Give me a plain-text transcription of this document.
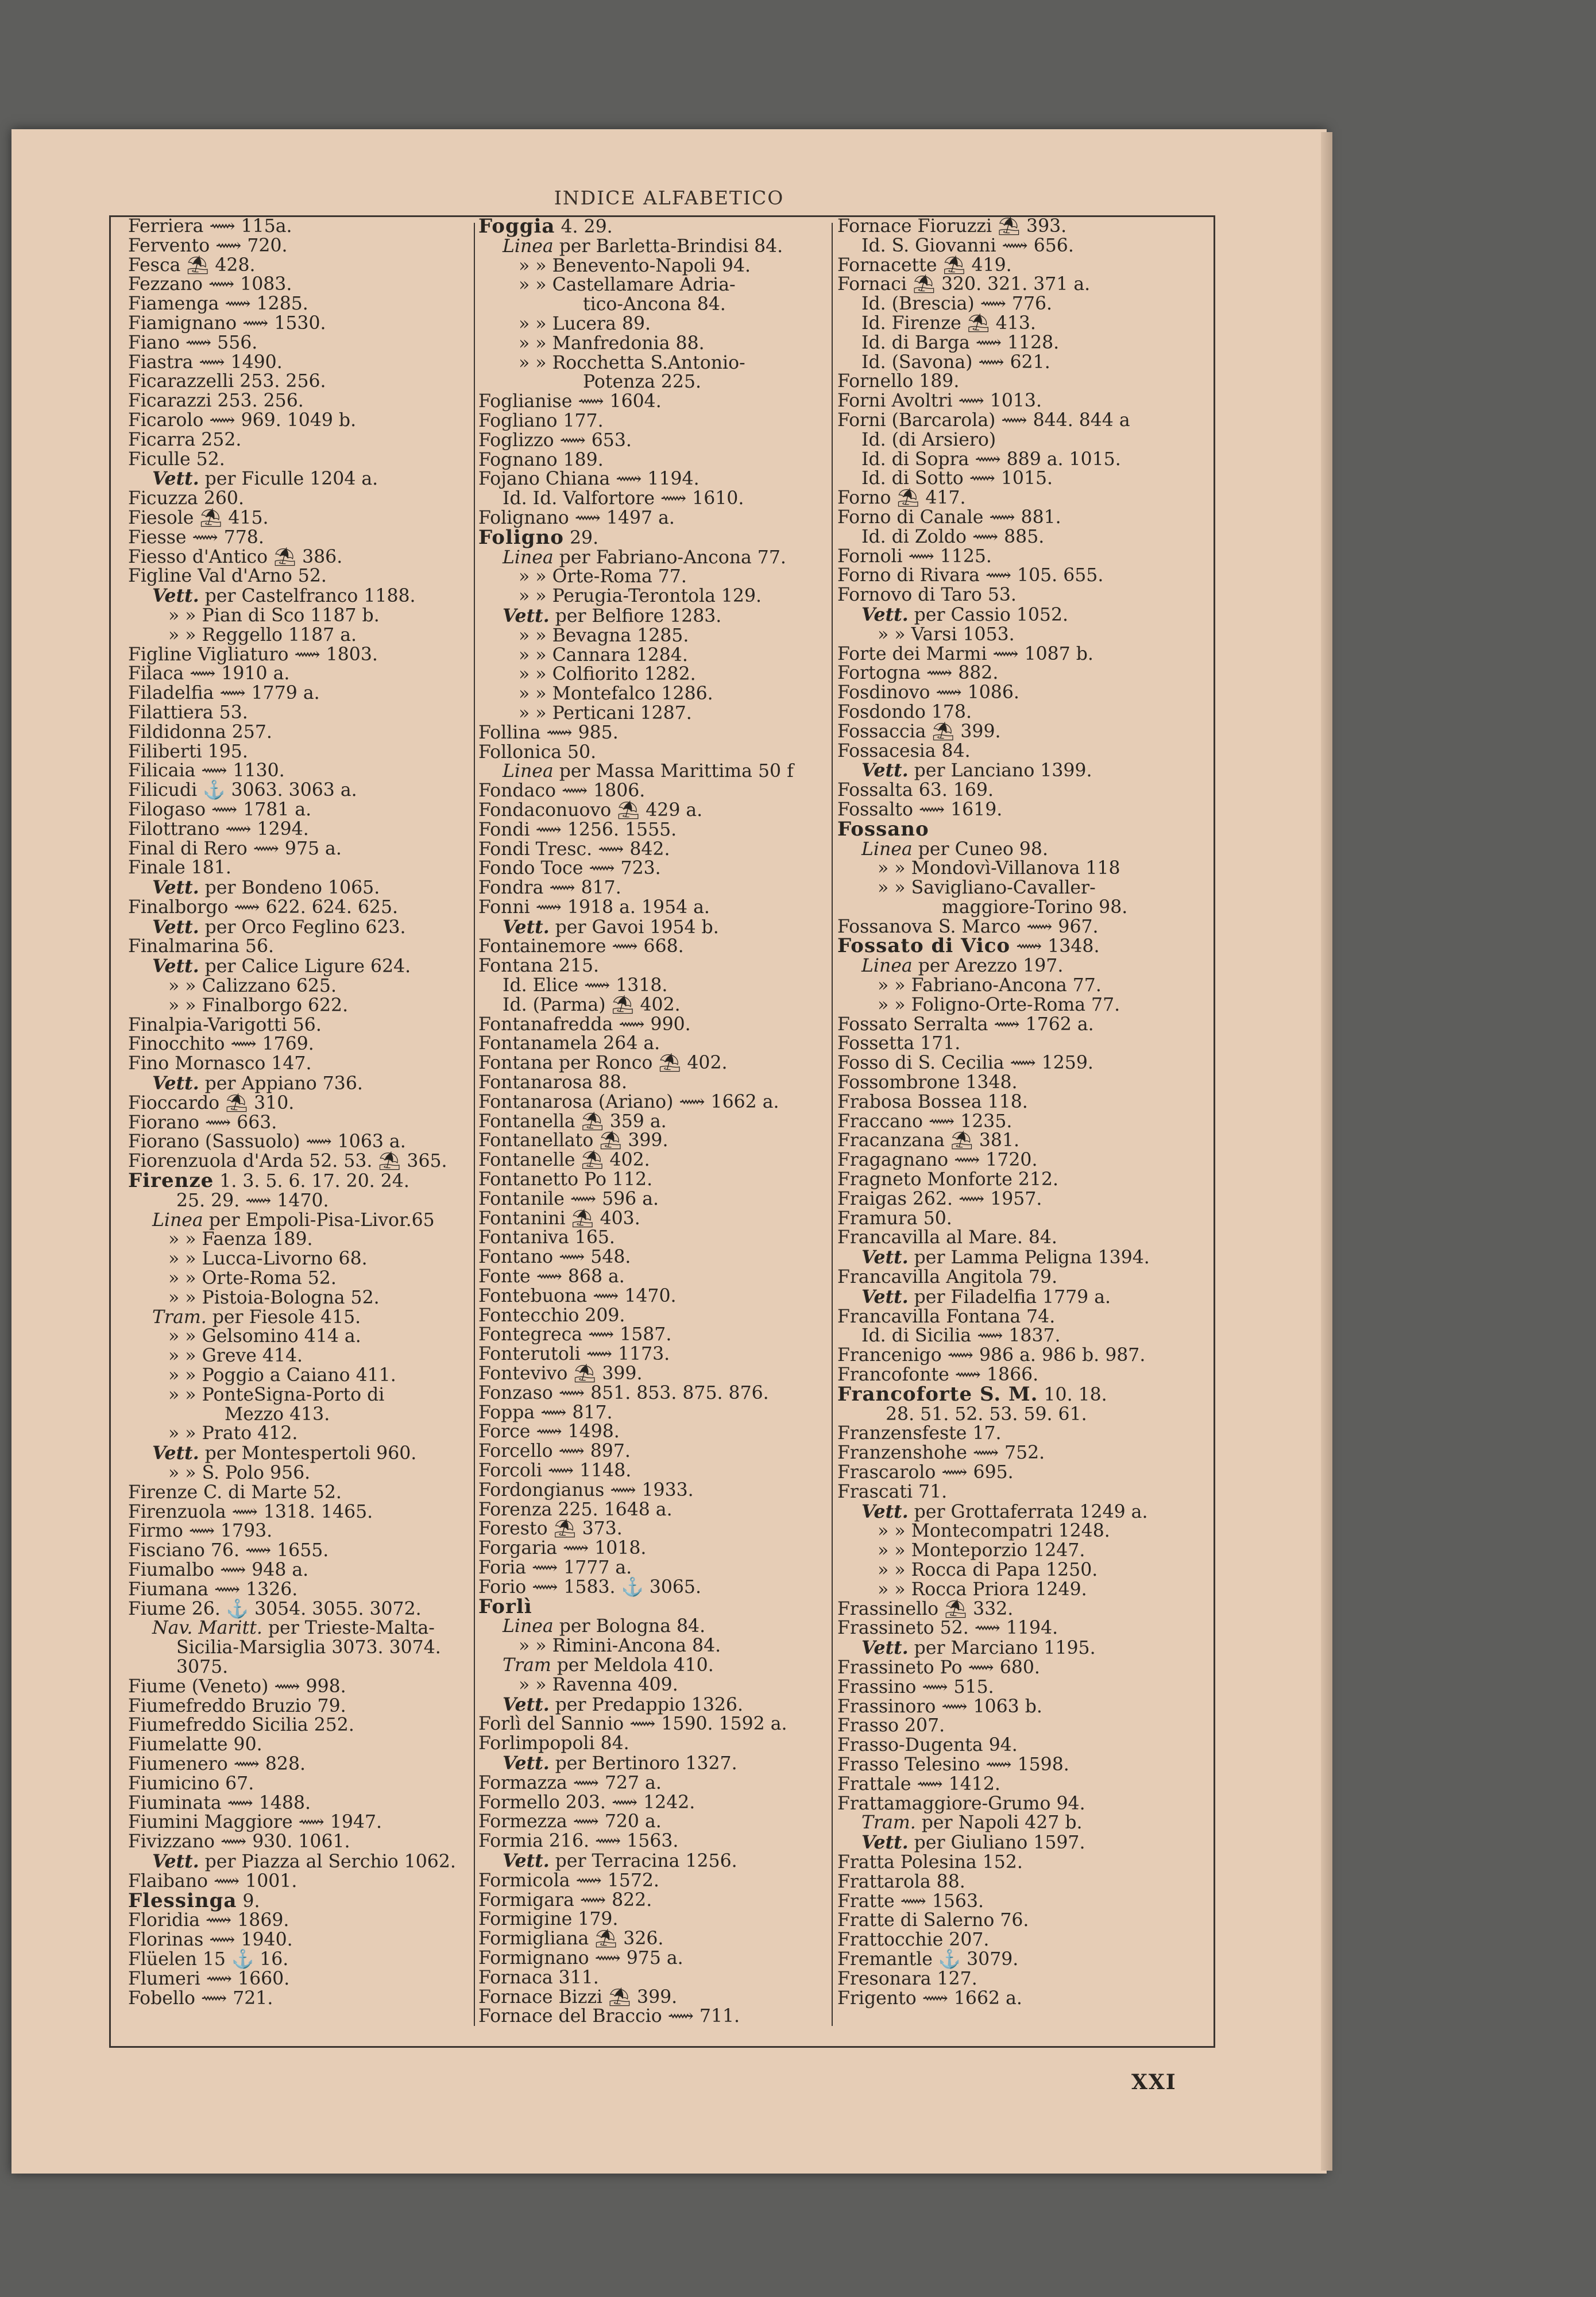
INDICE ALFABETICO
Ferriera ⟿ 115a.
Fervento ⟿ 720.
Fesca ⛱ 428.
Fezzano ⟿ 1083.
Fiamenga ⟿ 1285.
Fiamignano ⟿ 1530.
Fiano ⟿ 556.
Fiastra ⟿ 1490.
Ficarazzelli 253. 256.
Ficarazzi 253. 256.
Ficarolo ⟿ 969. 1049 b.
Ficarra 252.
Ficulle 52.
Vett. per Ficulle 1204 a.
Ficuzza 260.
Fiesole ⛱ 415.
Fiesse ⟿ 778.
Fiesso d'Antico ⛱ 386.
Figline Val d'Arno 52.
Vett. per Castelfranco 1188.
» » Pian di Sco 1187 b.
» » Reggello 1187 a.
Figline Vigliaturo ⟿ 1803.
Filaca ⟿ 1910 a.
Filadelfia ⟿ 1779 a.
Filattiera 53.
Fildidonna 257.
Filiberti 195.
Filicaia ⟿ 1130.
Filicudi ⚓ 3063. 3063 a.
Filogaso ⟿ 1781 a.
Filottrano ⟿ 1294.
Final di Rero ⟿ 975 a.
Finale 181.
Vett. per Bondeno 1065.
Finalborgo ⟿ 622. 624. 625.
Vett. per Orco Feglino 623.
Finalmarina 56.
Vett. per Calice Ligure 624.
» » Calizzano 625.
» » Finalborgo 622.
Finalpia-Varigotti 56.
Finocchito ⟿ 1769.
Fino Mornasco 147.
Vett. per Appiano 736.
Fioccardo ⛱ 310.
Fiorano ⟿ 663.
Fiorano (Sassuolo) ⟿ 1063 a.
Fiorenzuola d'Arda 52. 53. ⛱ 365.
Firenze 1. 3. 5. 6. 17. 20. 24.
25. 29. ⟿ 1470.
Linea per Empoli-Pisa-Livor.65
» » Faenza 189.
» » Lucca-Livorno 68.
» » Orte-Roma 52.
» » Pistoia-Bologna 52.
Tram. per Fiesole 415.
» » Gelsomino 414 a.
» » Greve 414.
» » Poggio a Caiano 411.
» » PonteSigna-Porto di
Mezzo 413.
» » Prato 412.
Vett. per Montespertoli 960.
» » S. Polo 956.
Firenze C. di Marte 52.
Firenzuola ⟿ 1318. 1465.
Firmo ⟿ 1793.
Fisciano 76. ⟿ 1655.
Fiumalbo ⟿ 948 a.
Fiumana ⟿ 1326.
Fiume 26. ⚓ 3054. 3055. 3072.
Nav. Maritt. per Trieste-Malta-
Sicilia-Marsiglia 3073. 3074.
3075.
Fiume (Veneto) ⟿ 998.
Fiumefreddo Bruzio 79.
Fiumefreddo Sicilia 252.
Fiumelatte 90.
Fiumenero ⟿ 828.
Fiumicino 67.
Fiuminata ⟿ 1488.
Fiumini Maggiore ⟿ 1947.
Fivizzano ⟿ 930. 1061.
Vett. per Piazza al Serchio 1062.
Flaibano ⟿ 1001.
Flessinga 9.
Floridia ⟿ 1869.
Florinas ⟿ 1940.
Flüelen 15 ⚓ 16.
Flumeri ⟿ 1660.
Fobello ⟿ 721.
Foggia 4. 29.
Linea per Barletta-Brindisi 84.
» » Benevento-Napoli 94.
» » Castellamare Adria-
tico-Ancona 84.
» » Lucera 89.
» » Manfredonia 88.
» » Rocchetta S.Antonio-
Potenza 225.
Foglianise ⟿ 1604.
Fogliano 177.
Foglizzo ⟿ 653.
Fognano 189.
Fojano Chiana ⟿ 1194.
Id. Id. Valfortore ⟿ 1610.
Folignano ⟿ 1497 a.
Foligno 29.
Linea per Fabriano-Ancona 77.
» » Orte-Roma 77.
» » Perugia-Terontola 129.
Vett. per Belfiore 1283.
» » Bevagna 1285.
» » Cannara 1284.
» » Colfiorito 1282.
» » Montefalco 1286.
» » Perticani 1287.
Follina ⟿ 985.
Follonica 50.
Linea per Massa Marittima 50 f
Fondaco ⟿ 1806.
Fondaconuovo ⛱ 429 a.
Fondi ⟿ 1256. 1555.
Fondi Tresc. ⟿ 842.
Fondo Toce ⟿ 723.
Fondra ⟿ 817.
Fonni ⟿ 1918 a. 1954 a.
Vett. per Gavoi 1954 b.
Fontainemore ⟿ 668.
Fontana 215.
Id. Elice ⟿ 1318.
Id. (Parma) ⛱ 402.
Fontanafredda ⟿ 990.
Fontanamela 264 a.
Fontana per Ronco ⛱ 402.
Fontanarosa 88.
Fontanarosa (Ariano) ⟿ 1662 a.
Fontanella ⛱ 359 a.
Fontanellato ⛱ 399.
Fontanelle ⛱ 402.
Fontanetto Po 112.
Fontanile ⟿ 596 a.
Fontanini ⛱ 403.
Fontaniva 165.
Fontano ⟿ 548.
Fonte ⟿ 868 a.
Fontebuona ⟿ 1470.
Fontecchio 209.
Fontegreca ⟿ 1587.
Fonterutoli ⟿ 1173.
Fontevivo ⛱ 399.
Fonzaso ⟿ 851. 853. 875. 876.
Foppa ⟿ 817.
Force ⟿ 1498.
Forcello ⟿ 897.
Forcoli ⟿ 1148.
Fordongianus ⟿ 1933.
Forenza 225. 1648 a.
Foresto ⛱ 373.
Forgaria ⟿ 1018.
Foria ⟿ 1777 a.
Forio ⟿ 1583. ⚓ 3065.
Forlì
Linea per Bologna 84.
» » Rimini-Ancona 84.
Tram per Meldola 410.
» » Ravenna 409.
Vett. per Predappio 1326.
Forlì del Sannio ⟿ 1590. 1592 a.
Forlimpopoli 84.
Vett. per Bertinoro 1327.
Formazza ⟿ 727 a.
Formello 203. ⟿ 1242.
Formezza ⟿ 720 a.
Formia 216. ⟿ 1563.
Vett. per Terracina 1256.
Formicola ⟿ 1572.
Formigara ⟿ 822.
Formigine 179.
Formigliana ⛱ 326.
Formignano ⟿ 975 a.
Fornaca 311.
Fornace Bizzi ⛱ 399.
Fornace del Braccio ⟿ 711.
Fornace Fioruzzi ⛱ 393.
Id. S. Giovanni ⟿ 656.
Fornacette ⛱ 419.
Fornaci ⛱ 320. 321. 371 a.
Id. (Brescia) ⟿ 776.
Id. Firenze ⛱ 413.
Id. di Barga ⟿ 1128.
Id. (Savona) ⟿ 621.
Fornello 189.
Forni Avoltri ⟿ 1013.
Forni (Barcarola) ⟿ 844. 844 a
Id. (di Arsiero)
Id. di Sopra ⟿ 889 a. 1015.
Id. di Sotto ⟿ 1015.
Forno ⛱ 417.
Forno di Canale ⟿ 881.
Id. di Zoldo ⟿ 885.
Fornoli ⟿ 1125.
Forno di Rivara ⟿ 105. 655.
Fornovo di Taro 53.
Vett. per Cassio 1052.
» » Varsi 1053.
Forte dei Marmi ⟿ 1087 b.
Fortogna ⟿ 882.
Fosdinovo ⟿ 1086.
Fosdondo 178.
Fossaccia ⛱ 399.
Fossacesia 84.
Vett. per Lanciano 1399.
Fossalta 63. 169.
Fossalto ⟿ 1619.
Fossano
Linea per Cuneo 98.
» » Mondovì-Villanova 118
» » Savigliano-Cavaller-
maggiore-Torino 98.
Fossanova S. Marco ⟿ 967.
Fossato di Vico ⟿ 1348.
Linea per Arezzo 197.
» » Fabriano-Ancona 77.
» » Foligno-Orte-Roma 77.
Fossato Serralta ⟿ 1762 a.
Fossetta 171.
Fosso di S. Cecilia ⟿ 1259.
Fossombrone 1348.
Frabosa Bossea 118.
Fraccano ⟿ 1235.
Fracanzana ⛱ 381.
Fragagnano ⟿ 1720.
Fragneto Monforte 212.
Fraigas 262. ⟿ 1957.
Framura 50.
Francavilla al Mare. 84.
Vett. per Lamma Peligna 1394.
Francavilla Angitola 79.
Vett. per Filadelfia 1779 a.
Francavilla Fontana 74.
Id. di Sicilia ⟿ 1837.
Francenigo ⟿ 986 a. 986 b. 987.
Francofonte ⟿ 1866.
Francoforte S. M. 10. 18.
28. 51. 52. 53. 59. 61.
Franzensfeste 17.
Franzenshohe ⟿ 752.
Frascarolo ⟿ 695.
Frascati 71.
Vett. per Grottaferrata 1249 a.
» » Montecompatri 1248.
» » Monteporzio 1247.
» » Rocca di Papa 1250.
» » Rocca Priora 1249.
Frassinello ⛱ 332.
Frassineto 52. ⟿ 1194.
Vett. per Marciano 1195.
Frassineto Po ⟿ 680.
Frassino ⟿ 515.
Frassinoro ⟿ 1063 b.
Frasso 207.
Frasso-Dugenta 94.
Frasso Telesino ⟿ 1598.
Frattale ⟿ 1412.
Frattamaggiore-Grumo 94.
Tram. per Napoli 427 b.
Vett. per Giuliano 1597.
Fratta Polesina 152.
Frattarola 88.
Fratte ⟿ 1563.
Fratte di Salerno 76.
Frattocchie 207.
Fremantle ⚓ 3079.
Fresonara 127.
Frigento ⟿ 1662 a.
XXI
